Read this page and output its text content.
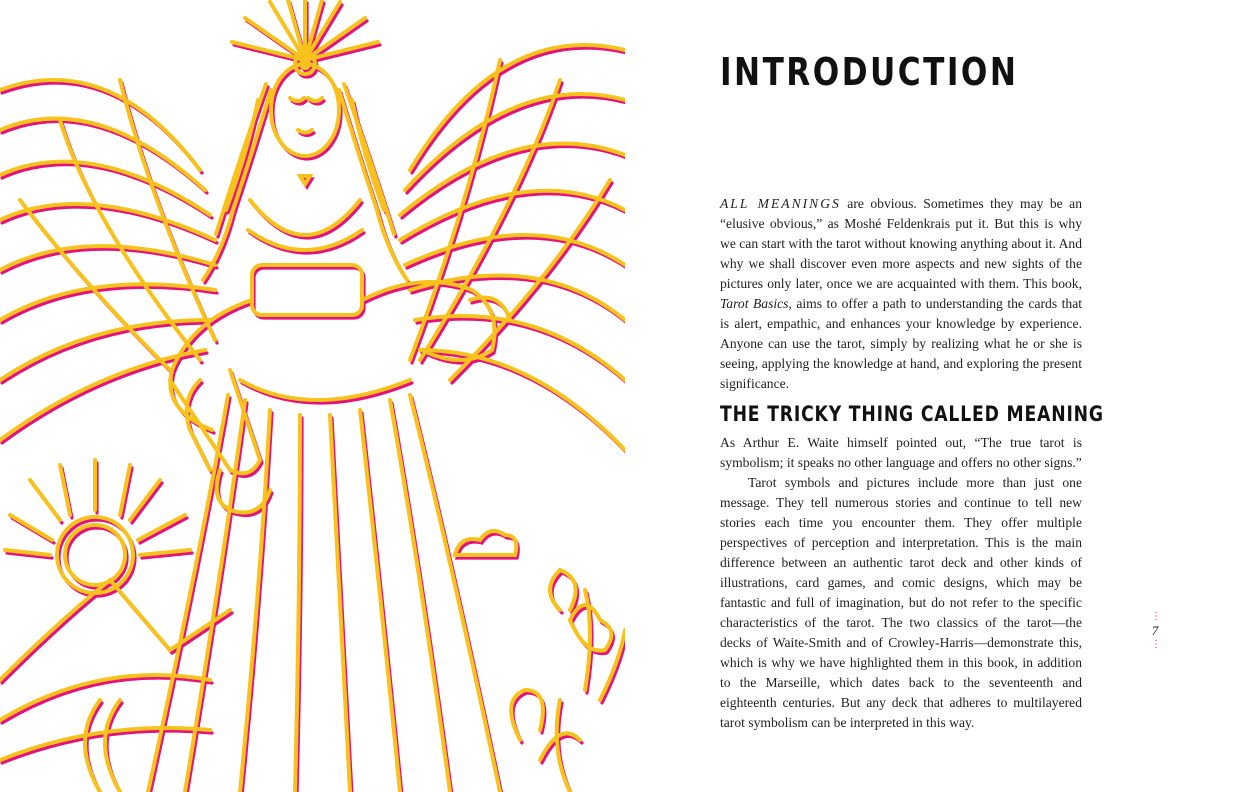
INTRODUCTION

ALL MEANINGS are obvious. Sometimes they may be an “elusive obvious,” as Moshé Feldenkrais put it. But this is why we can start with the tarot without knowing anything about it. And why we shall discover even more aspects and new sights of the pictures only later, once we are acquainted with them. This book, Tarot Basics, aims to offer a path to understanding the cards that is alert, empathic, and enhances your knowledge by experience. Anyone can use the tarot, simply by realizing what he or she is seeing, applying the knowledge at hand, and exploring the present significance.

THE TRICKY THING CALLED MEANING

As Arthur E. Waite himself pointed out, “The true tarot is symbolism; it speaks no other language and offers no other signs.”

Tarot symbols and pictures include more than just one message. They tell numerous stories and continue to tell new stories each time you encounter them. They offer multiple perspectives of perception and interpretation. This is the main difference between an authentic tarot deck and other kinds of illustrations, card games, and comic designs, which may be fantastic and full of imagination, but do not refer to the specific characteristics of the tarot. The two classics of the tarot—the decks of Waite-Smith and of Crowley-Harris—demonstrate this, which is why we have highlighted them in this book, in addition to the Marseille, which dates back to the seventeenth and eighteenth centuries. But any deck that adheres to multilayered tarot symbolism can be interpreted in this way.

⋮
7
⋮
